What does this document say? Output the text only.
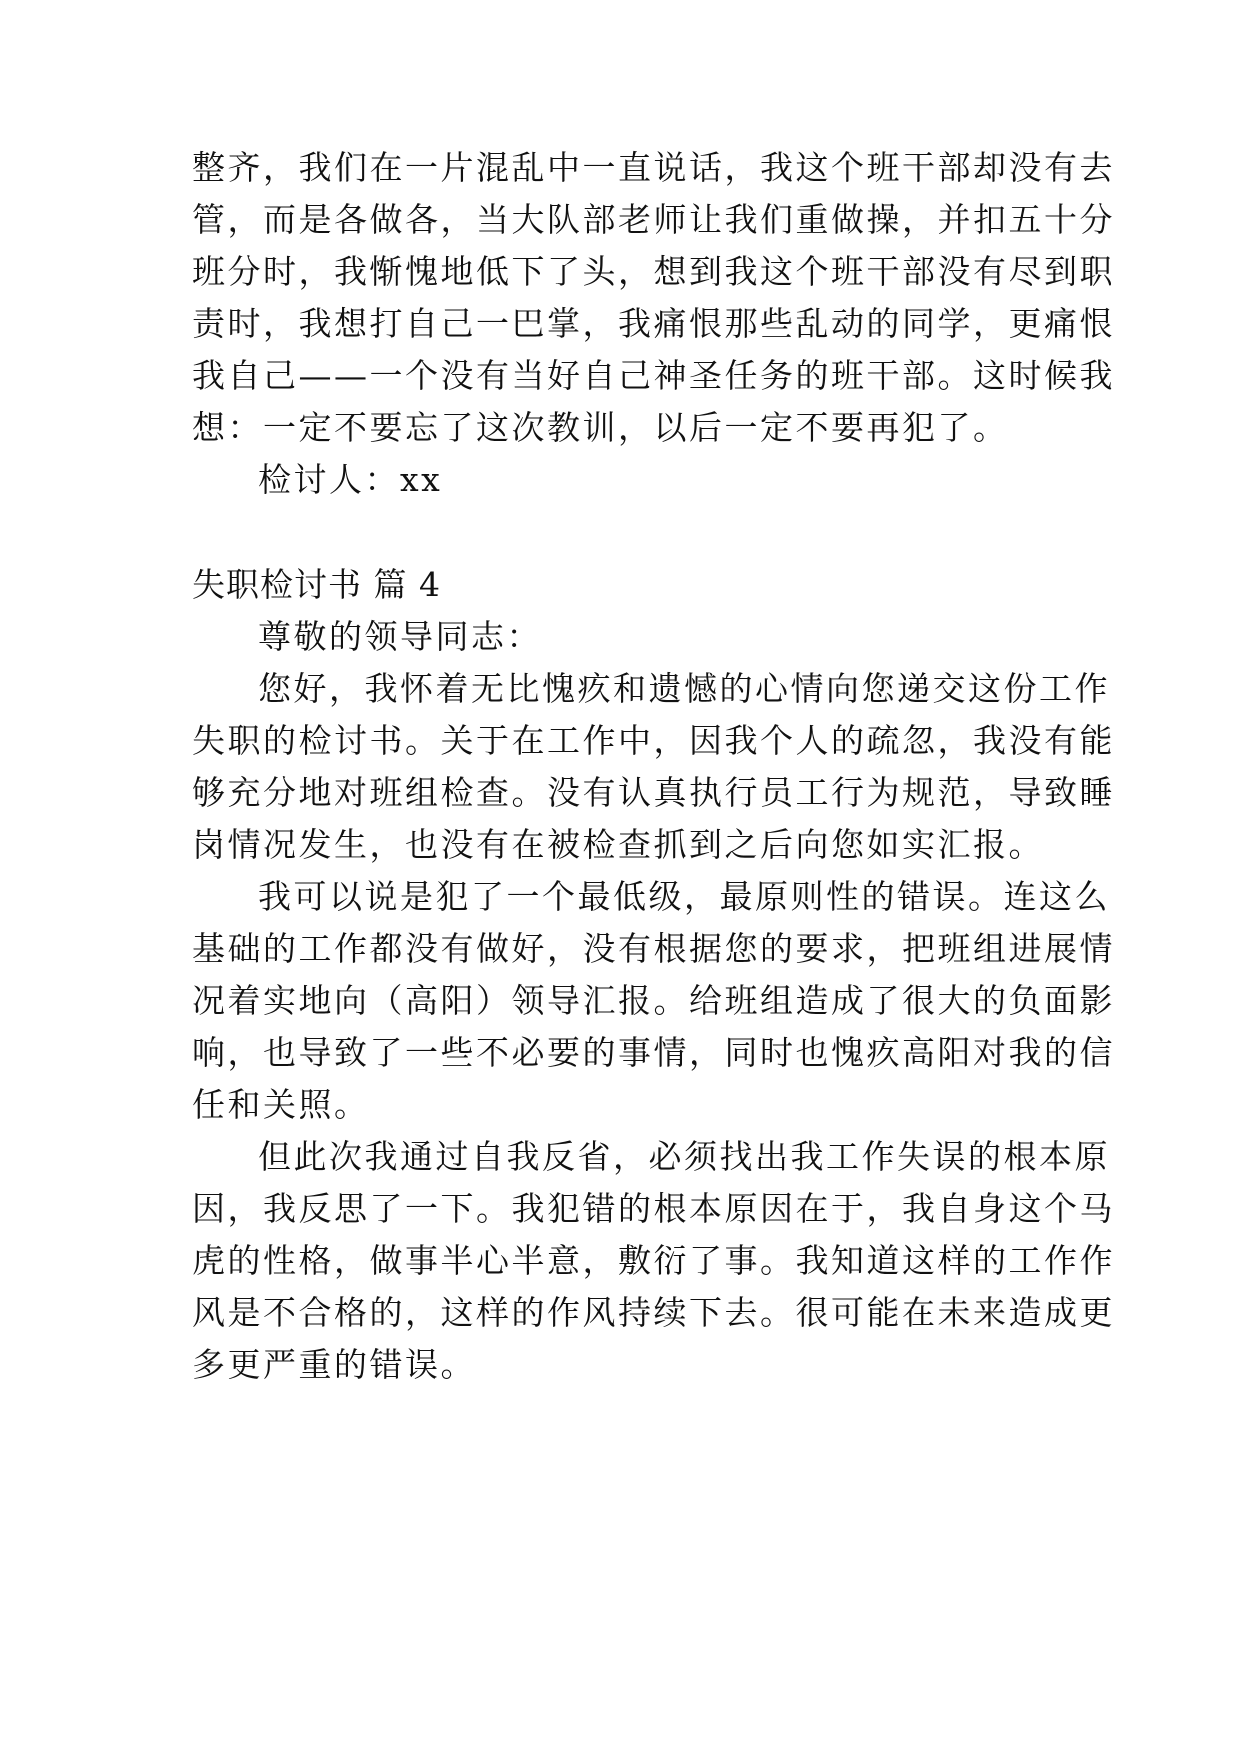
整齐，我们在一片混乱中一直说话，我这个班干部却没有去
管，而是各做各，当大队部老师让我们重做操，并扣五十分
班分时，我惭愧地低下了头，想到我这个班干部没有尽到职
责时，我想打自己一巴掌，我痛恨那些乱动的同学，更痛恨
我自己——一个没有当好自己神圣任务的班干部。这时候我
想：一定不要忘了这次教训，以后一定不要再犯了。
检讨人：xx
失职检讨书 篇 4
尊敬的领导同志：
您好，我怀着无比愧疚和遗憾的心情向您递交这份工作
失职的检讨书。关于在工作中，因我个人的疏忽，我没有能
够充分地对班组检查。没有认真执行员工行为规范，导致睡
岗情况发生，也没有在被检查抓到之后向您如实汇报。
我可以说是犯了一个最低级，最原则性的错误。连这么
基础的工作都没有做好，没有根据您的要求，把班组进展情
况着实地向（高阳）领导汇报。给班组造成了很大的负面影
响，也导致了一些不必要的事情，同时也愧疚高阳对我的信
任和关照。
但此次我通过自我反省，必须找出我工作失误的根本原
因，我反思了一下。我犯错的根本原因在于，我自身这个马
虎的性格，做事半心半意，敷衍了事。我知道这样的工作作
风是不合格的，这样的作风持续下去。很可能在未来造成更
多更严重的错误。
